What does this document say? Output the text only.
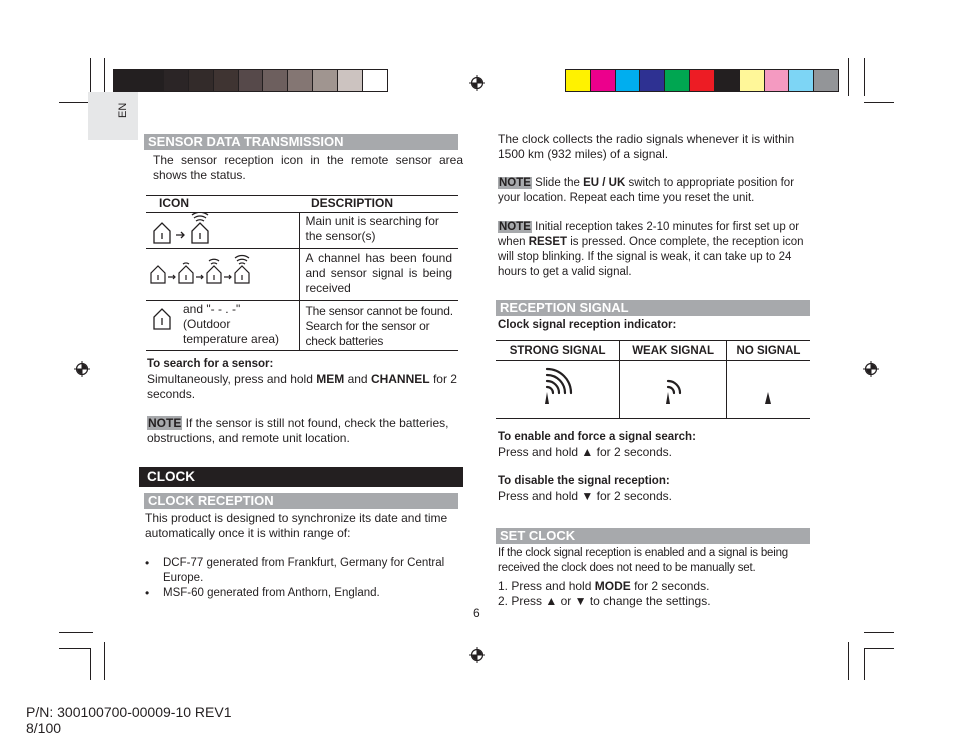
EN
SENSOR DATA TRANSMISSION
The sensor reception icon in the remote sensor area shows the status.
ICON	DESCRIPTION
	Main unit is searching for the sensor(s)
	A channel has been found and sensor signal is being received

and "- - . -" (Outdoor temperature area)	The sensor cannot be found. Search for the sensor or check batteries
To search for a sensor:
Simultaneously, press and hold MEM and CHANNEL for 2 seconds.
NOTE If the sensor is still not found, check the batteries, obstructions, and remote unit location.
CLOCK
CLOCK RECEPTION
This product is designed to synchronize its date and time automatically once it is within range of:
• DCF-77 generated from Frankfurt, Germany for Central Europe.
• MSF-60 generated from Anthorn, England.
6
The clock collects the radio signals whenever it is within 1500 km (932 miles) of a signal.
NOTE Slide the EU / UK switch to appropriate position for your location. Repeat each time you reset the unit.
NOTE Initial reception takes 2-10 minutes for first set up or when RESET is pressed. Once complete, the reception icon will stop blinking. If the signal is weak, it can take up to 24 hours to get a valid signal.
RECEPTION SIGNAL
Clock signal reception indicator:
STRONG SIGNAL	WEAK SIGNAL	NO SIGNAL

To enable and force a signal search:
Press and hold ▲ for 2 seconds.
To disable the signal reception:
Press and hold ▼ for 2 seconds.
SET CLOCK
If the clock signal reception is enabled and a signal is being received the clock does not need to be manually set.
1. Press and hold MODE for 2 seconds.
2. Press ▲ or ▼ to change the settings.
P/N: 300100700-00009-10 REV1
8/100
